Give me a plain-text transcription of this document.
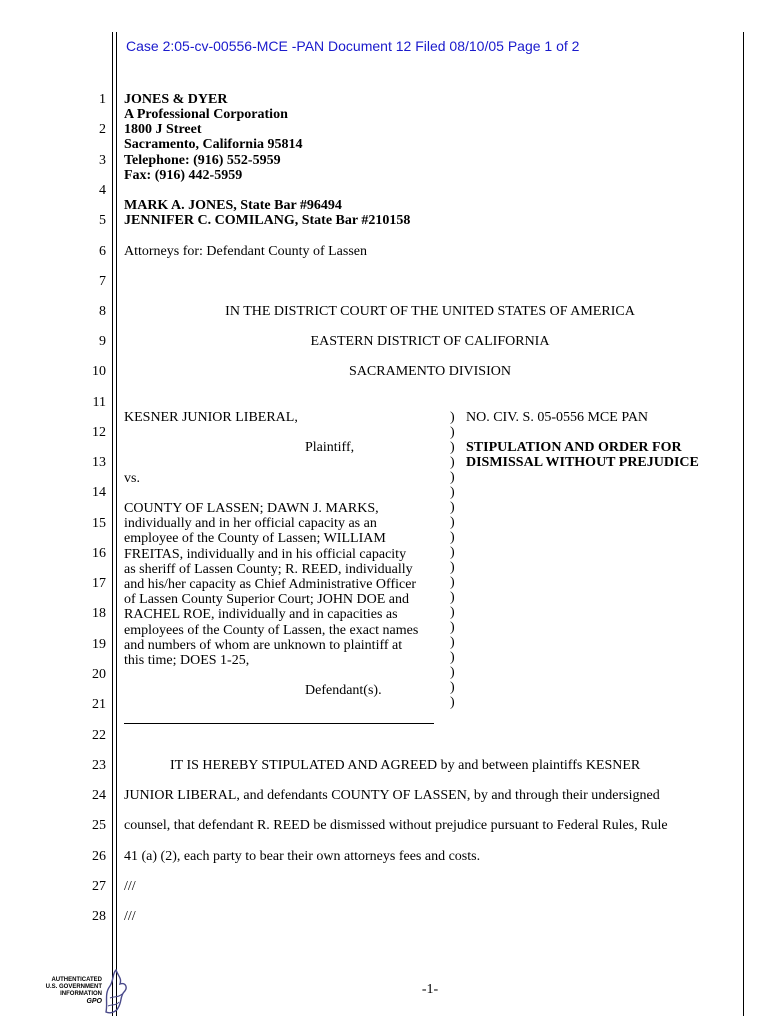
Case 2:05-cv-00556-MCE -PAN Document 12 Filed 08/10/05 Page 1 of 2
1
2
3
4
5
6
7
8
9
10
11
12
13
14
15
16
17
18
19
20
21
22
23
24
25
26
27
28
JONES & DYER
A Professional Corporation
1800 J Street
Sacramento, California 95814
Telephone: (916) 552-5959
Fax: (916) 442-5959
MARK A. JONES, State Bar #96494
JENNIFER C. COMILANG, State Bar #210158
Attorneys for: Defendant County of Lassen
IN THE DISTRICT COURT OF THE UNITED STATES OF AMERICA
EASTERN DISTRICT OF CALIFORNIA
SACRAMENTO DIVISION
KESNER JUNIOR LIBERAL,
Plaintiff,
vs.
COUNTY OF LASSEN; DAWN J. MARKS,
individually and in her official capacity as an
employee of the County of Lassen; WILLIAM
FREITAS, individually and in his official capacity
as sheriff of Lassen County; R. REED, individually
and his/her capacity as Chief Administrative Officer
of Lassen County Superior Court; JOHN DOE and
RACHEL ROE, individually and in capacities as
employees of the County of Lassen, the exact names
and numbers of whom are unknown to plaintiff at
this time; DOES 1-25,
Defendant(s).
)
)
)
)
)
)
)
)
)
)
)
)
)
)
)
)
)
)
)
)
NO. CIV. S. 05-0556 MCE PAN
STIPULATION AND ORDER FOR
DISMISSAL WITHOUT PREJUDICE
IT IS HEREBY STIPULATED AND AGREED by and between plaintiffs KESNER
JUNIOR LIBERAL, and defendants COUNTY OF LASSEN, by and through their undersigned
counsel, that defendant R. REED be dismissed without prejudice pursuant to Federal Rules, Rule
41 (a) (2), each party to bear their own attorneys fees and costs.
///
///
-1-
AUTHENTICATED
U.S. GOVERNMENT
INFORMATION
GPO
